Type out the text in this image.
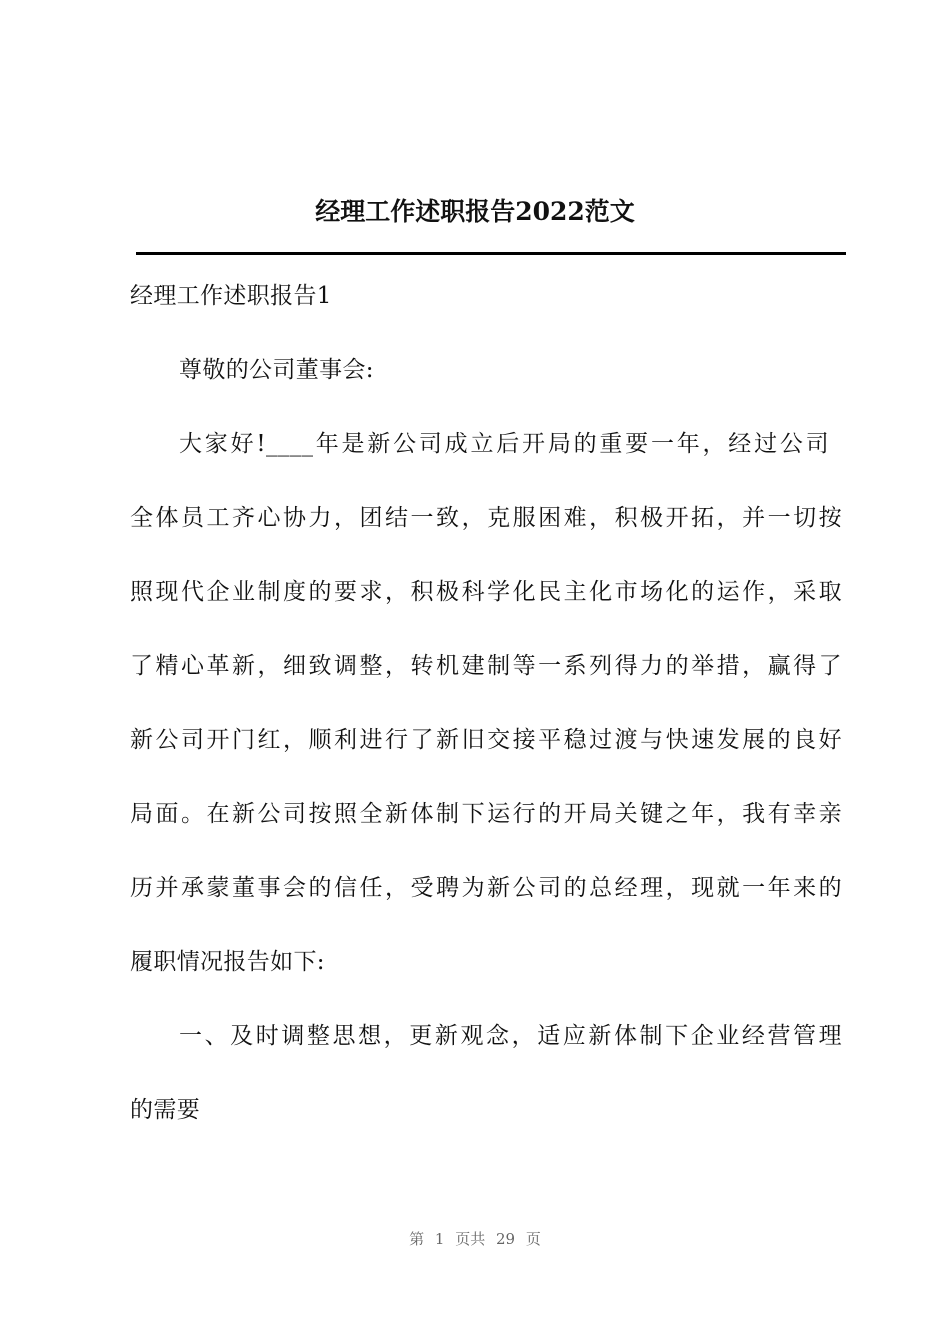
经理工作述职报告2022范文
经理工作述职报告1
尊敬的公司董事会:
大家好!____年是新公司成立后开局的重要一年，经过公司
全体员工齐心协力，团结一致，克服困难，积极开拓，并一切按
照现代企业制度的要求，积极科学化民主化市场化的运作，采取
了精心革新，细致调整，转机建制等一系列得力的举措，赢得了
新公司开门红，顺利进行了新旧交接平稳过渡与快速发展的良好
局面。在新公司按照全新体制下运行的开局关键之年，我有幸亲
历并承蒙董事会的信任，受聘为新公司的总经理，现就一年来的
履职情况报告如下:
一、及时调整思想，更新观念，适应新体制下企业经营管理
的需要
第 1 页共 29 页
